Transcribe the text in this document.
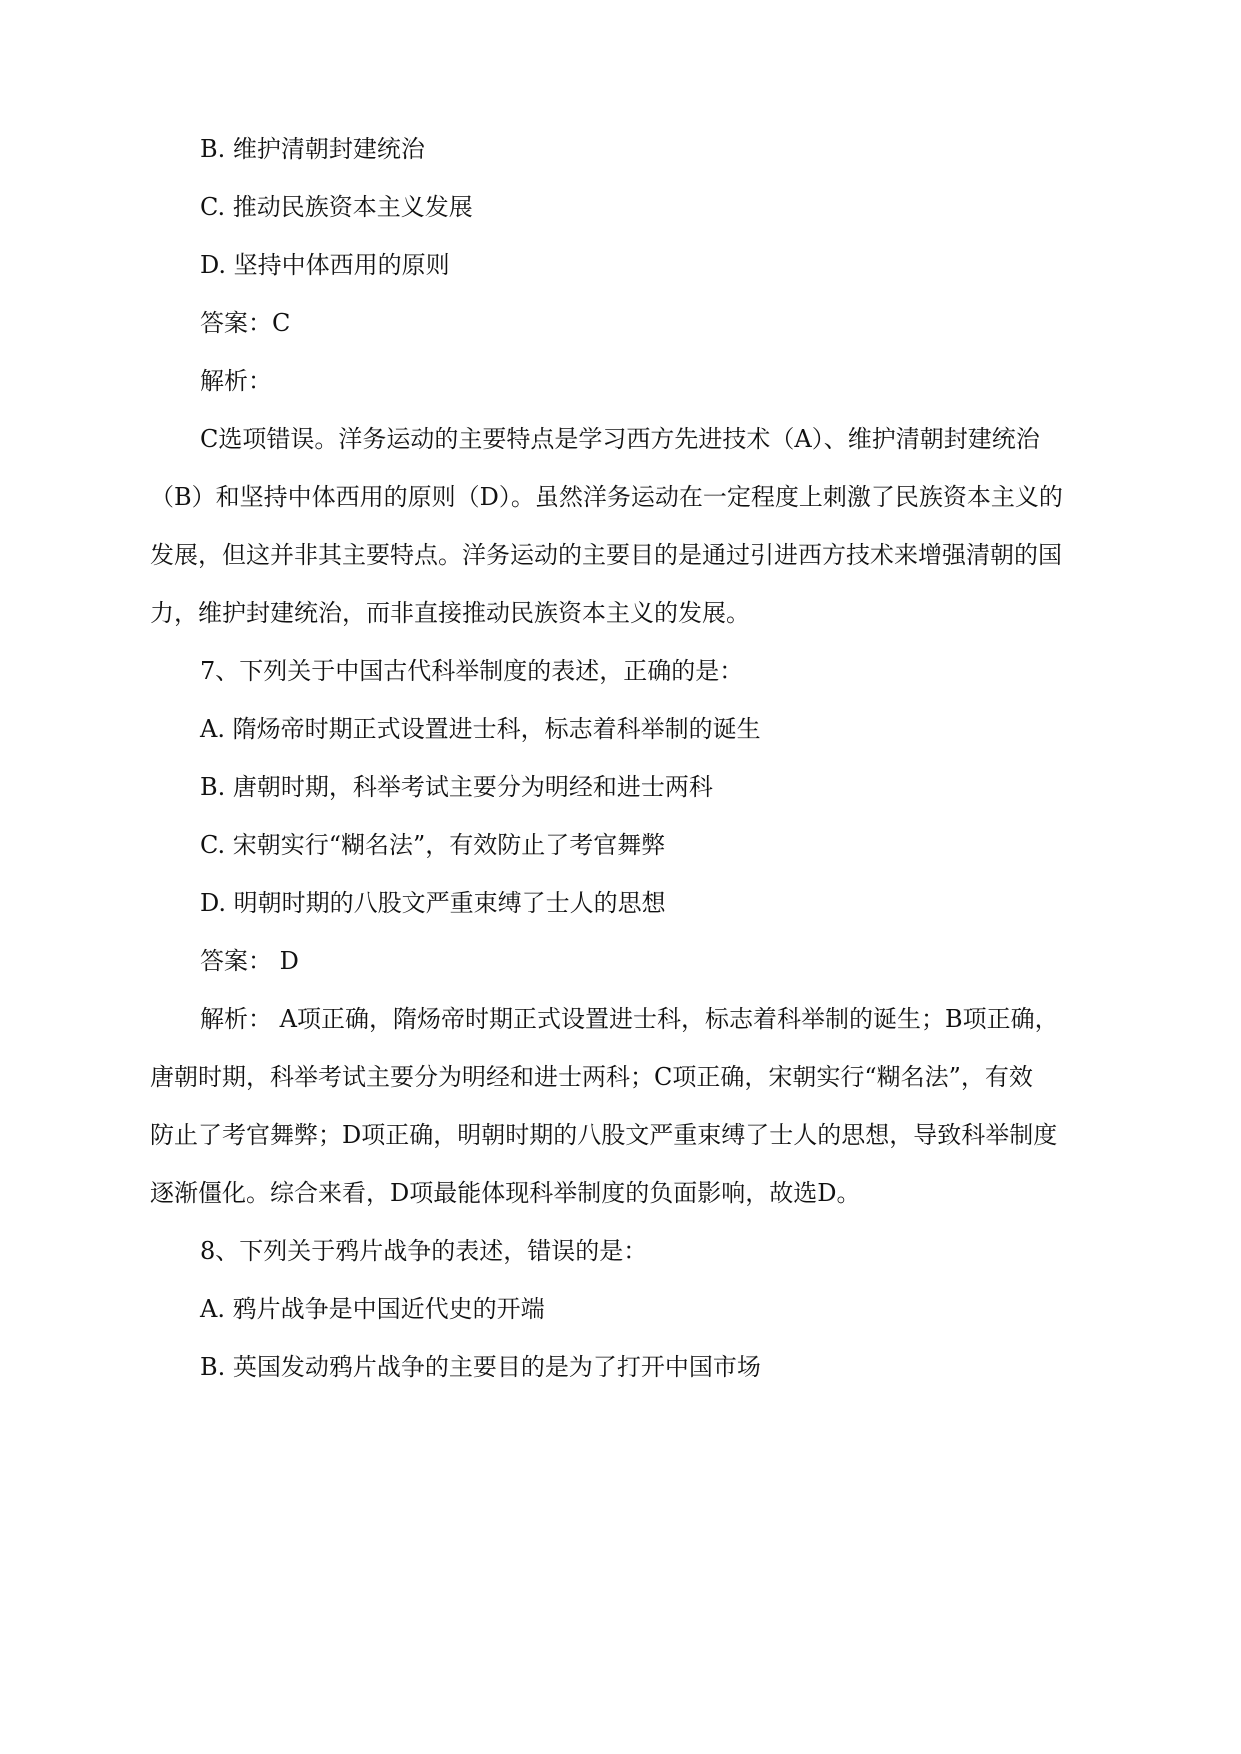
B. 维护清朝封建统治
C. 推动民族资本主义发展
D. 坚持中体西用的原则
答案：C
解析：
C选项错误。洋务运动的主要特点是学习西方先进技术（A）、维护清朝封建统治
（B）和坚持中体西用的原则（D）。虽然洋务运动在一定程度上刺激了民族资本主义的
发展，但这并非其主要特点。洋务运动的主要目的是通过引进西方技术来增强清朝的国
力，维护封建统治，而非直接推动民族资本主义的发展。
7、下列关于中国古代科举制度的表述，正确的是：
A. 隋炀帝时期正式设置进士科，标志着科举制的诞生
B. 唐朝时期，科举考试主要分为明经和进士两科
C. 宋朝实行“糊名法”，有效防止了考官舞弊
D. 明朝时期的八股文严重束缚了士人的思想
答案： D
解析： A项正确，隋炀帝时期正式设置进士科，标志着科举制的诞生；B项正确，
唐朝时期，科举考试主要分为明经和进士两科；C项正确，宋朝实行“糊名法”，有效
防止了考官舞弊；D项正确，明朝时期的八股文严重束缚了士人的思想，导致科举制度
逐渐僵化。综合来看，D项最能体现科举制度的负面影响，故选D。
8、下列关于鸦片战争的表述，错误的是：
A. 鸦片战争是中国近代史的开端
B. 英国发动鸦片战争的主要目的是为了打开中国市场
